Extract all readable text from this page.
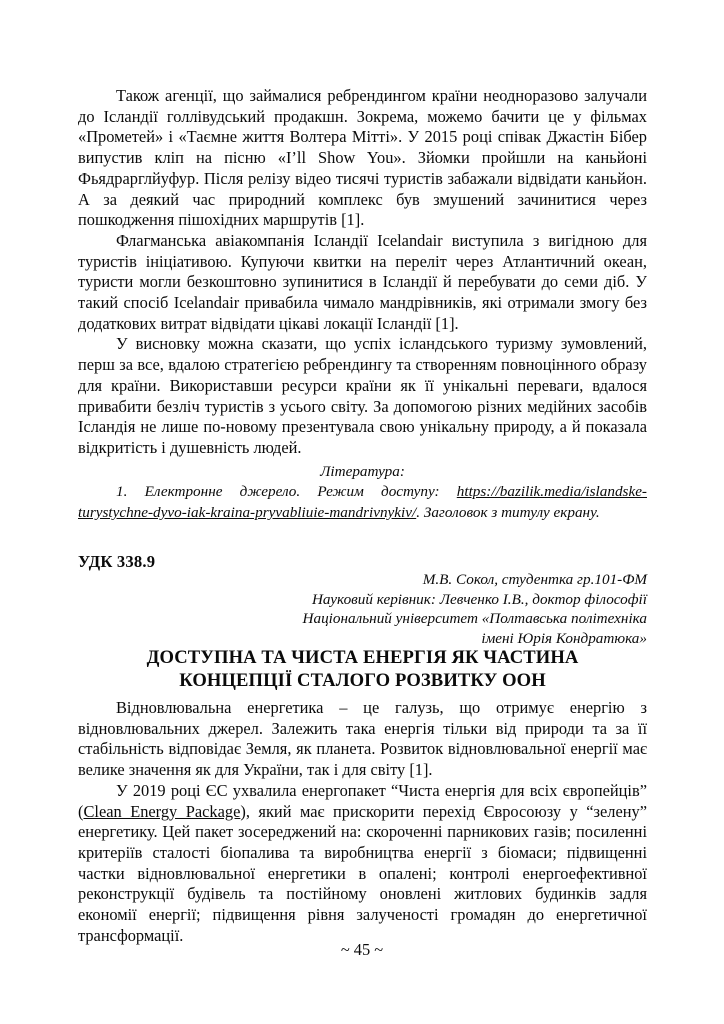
Також агенції, що займалися ребрендингом країни неодноразово залучали до Ісландії голлівудський продакшн. Зокрема, можемо бачити це у фільмах «Прометей» і «Таємне життя Волтера Мітті». У 2015 році співак Джастін Бібер випустив кліп на пісню «I’ll Show You». Зйомки пройшли на каньйоні Фьядрарглйуфур. Після релізу відео тисячі туристів забажали відвідати каньйон. А за деякий час природний комплекс був змушений зачинитися через пошкодження пішохідних маршрутів [1].

Флагманська авіакомпанія Ісландії Icelandair виступила з вигідною для туристів ініціативою. Купуючи квитки на переліт через Атлантичний океан, туристи могли безкоштовно зупинитися в Ісландії й перебувати до семи діб. У такий спосіб Icelandair привабила чимало мандрівників, які отримали змогу без додаткових витрат відвідати цікаві локації Ісландії [1].

У висновку можна сказати, що успіх ісландського туризму зумовлений, перш за все, вдалою стратегією ребрендингу та створенням повноцінного образу для країни. Використавши ресурси країни як її унікальні переваги, вдалося привабити безліч туристів з усього світу. За допомогою різних медійних засобів Ісландія не лише по-новому презентувала свою унікальну природу, а й показала відкритість і душевність людей.

Література:

1. Електронне джерело. Режим доступу: https://bazilik.media/islandske-turystychne-dyvo-iak-kraina-pryvabliuie-mandrivnykiv/. Заголовок з титулу екрану.

УДК 338.9
М.В. Сокол, студентка гр.101-ФМ
Науковий керівник: Левченко І.В., доктор філософії
Національний університет «Полтавська політехніка
імені Юрія Кондратюка»
ДОСТУПНА ТА ЧИСТА ЕНЕРГІЯ ЯК ЧАСТИНА
КОНЦЕПЦІЇ СТАЛОГО РОЗВИТКУ ООН

Відновлювальна енергетика – це галузь, що отримує енергію з відновлювальних джерел. Залежить така енергія тільки від природи та за її стабільність відповідає Земля, як планета. Розвиток відновлювальної енергії має велике значення як для України, так і для світу [1].

У 2019 році ЄС ухвалила енергопакет “Чиста енергія для всіх європейців” (Clean Energy Package), який має прискорити перехід Євросоюзу у “зелену” енергетику. Цей пакет зосереджений на: скороченні парникових газів; посиленні критеріїв сталості біопалива та виробництва енергії з біомаси; підвищенні частки відновлювальної енергетики в опалені; контролі енергоефективної реконструкції будівель та постійному оновлені житлових будинків задля економії енергії; підвищення рівня залученості громадян до енергетичної трансформації.

~ 45 ~
